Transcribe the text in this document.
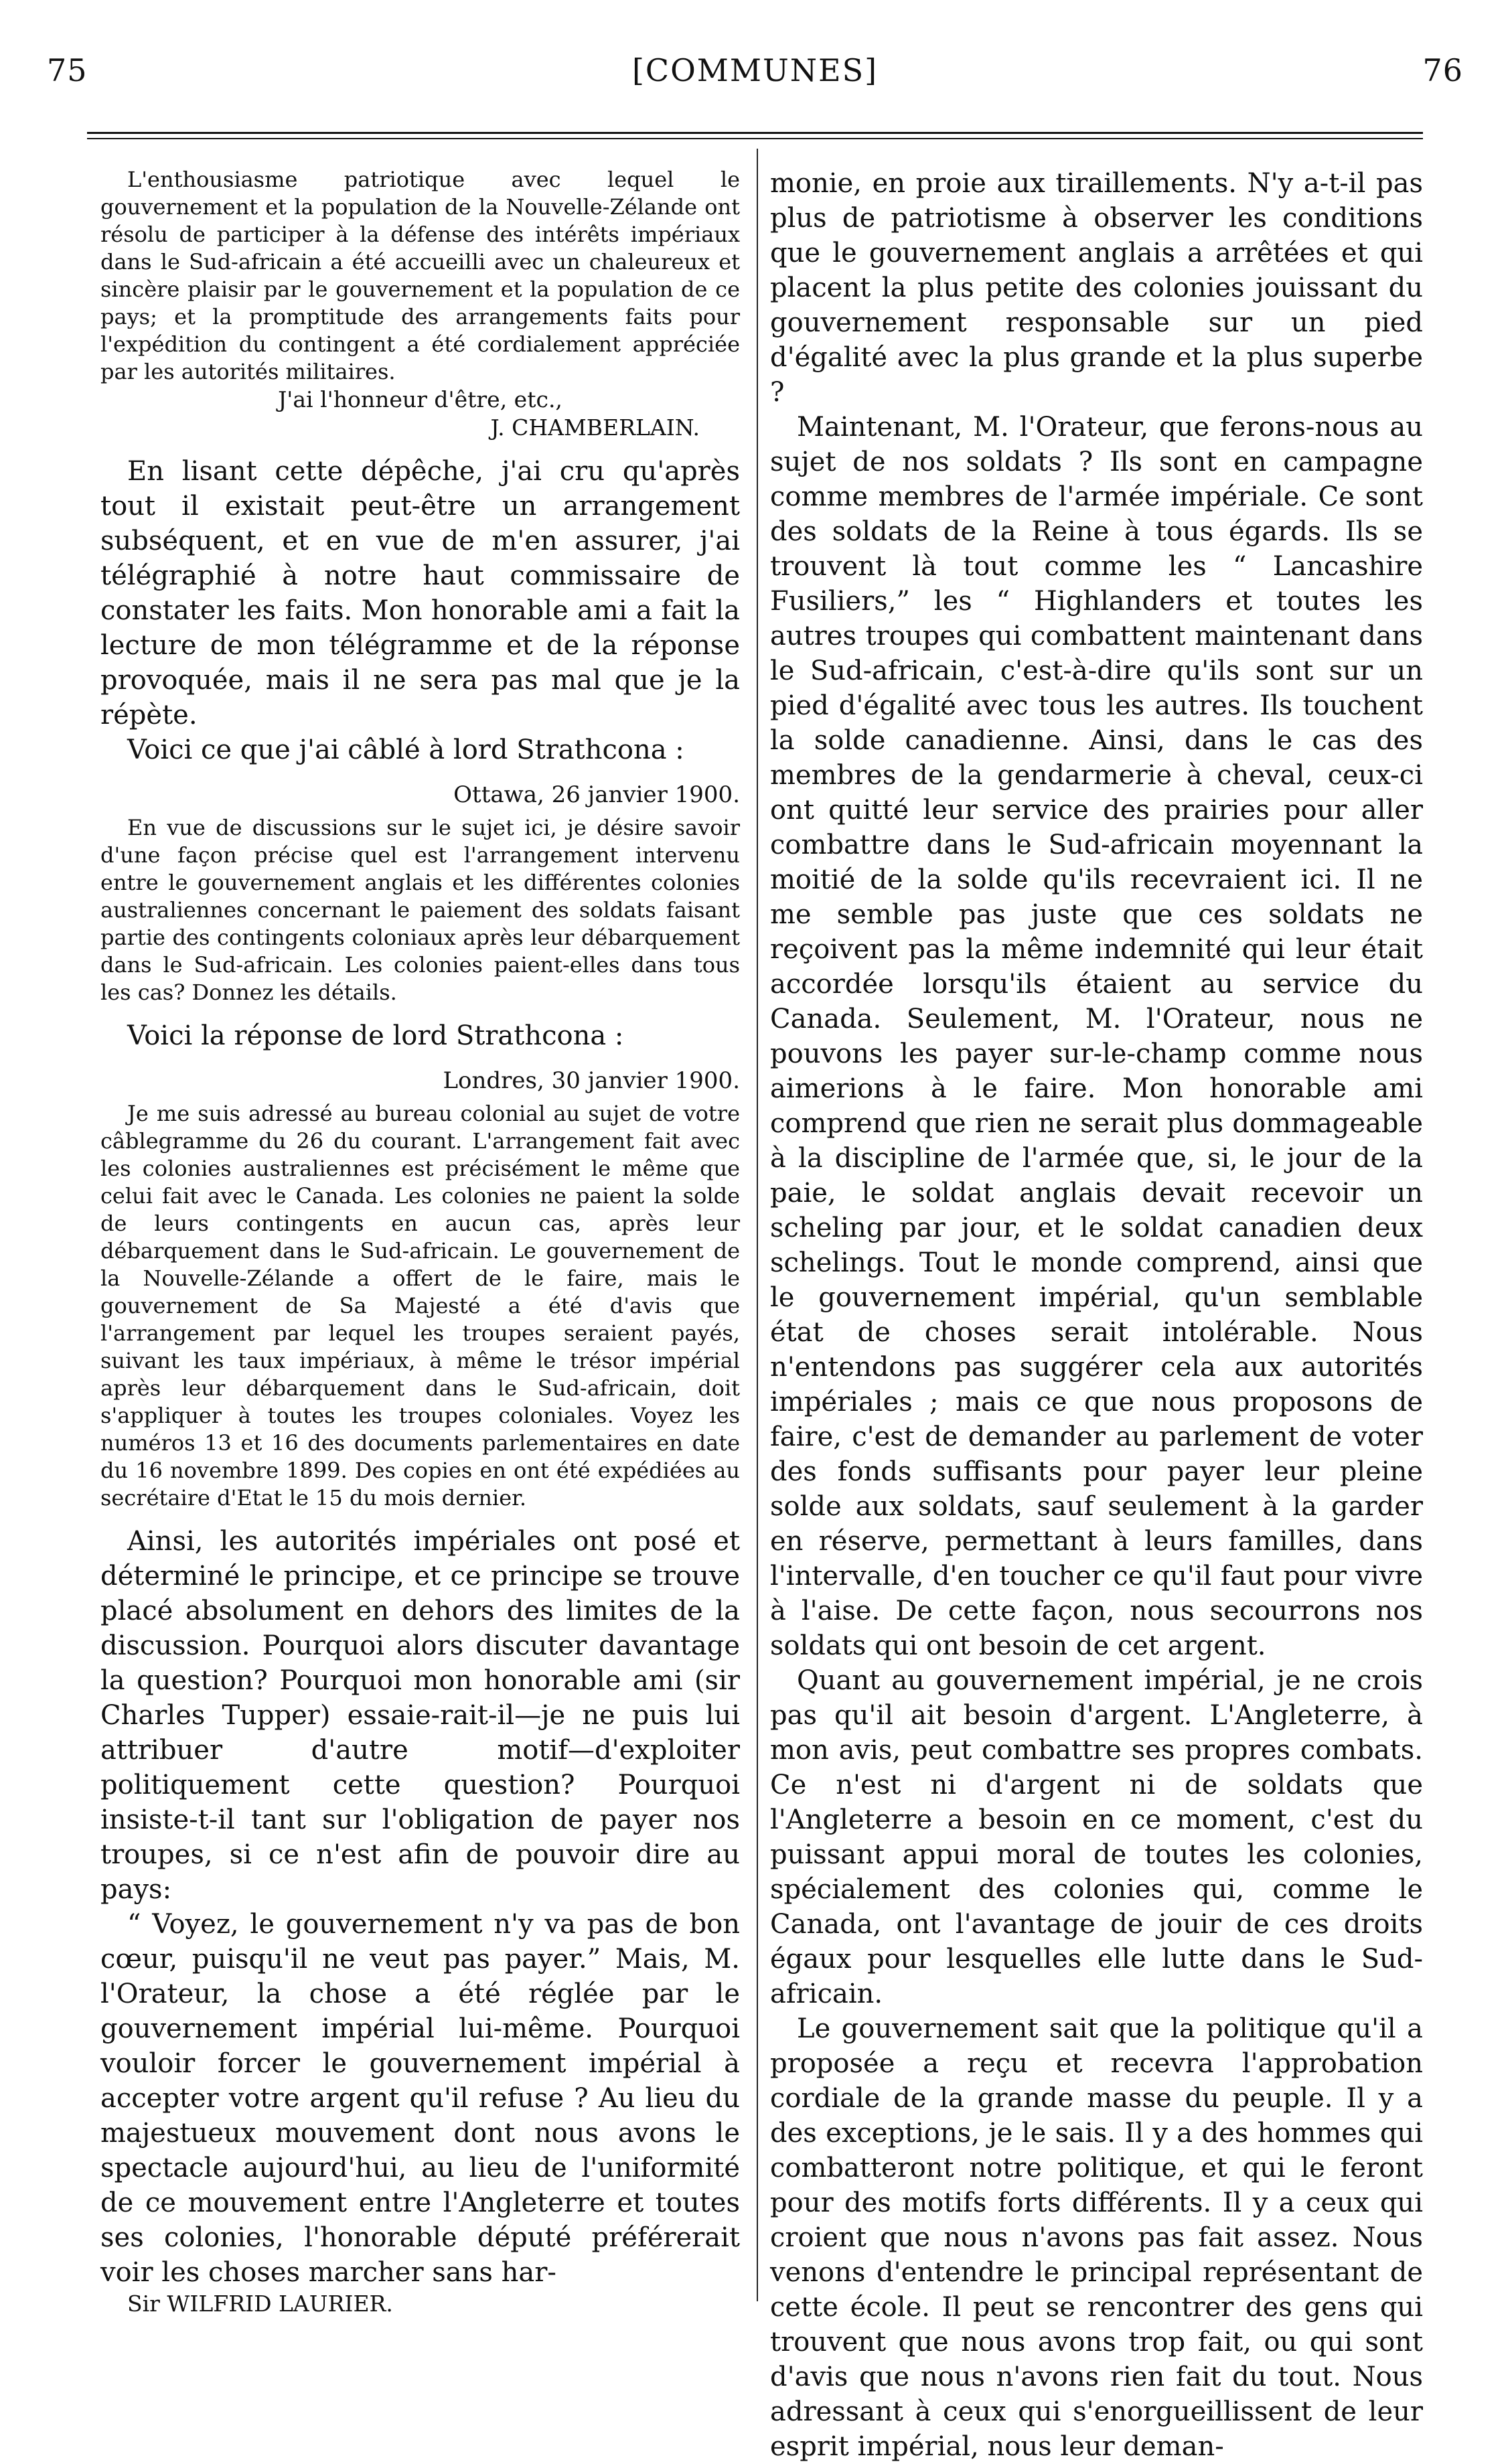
75	[COMMUNES]	76

L'enthousiasme patriotique avec lequel le gouvernement et la population de la Nouvelle-Zélande ont résolu de participer à la défense des intérêts impériaux dans le Sud-africain a été accueilli avec un chaleureux et sincère plaisir par le gouvernement et la population de ce pays; et la promptitude des arrangements faits pour l'expédition du contingent a été cordialement appréciée par les autorités militaires.

J'ai l'honneur d'être, etc.,
J. CHAMBERLAIN.

En lisant cette dépêche, j'ai cru qu'après tout il existait peut-être un arrangement subséquent, et en vue de m'en assurer, j'ai télégraphié à notre haut commissaire de constater les faits. Mon honorable ami a fait la lecture de mon télégramme et de la réponse provoquée, mais il ne sera pas mal que je la répète.

Voici ce que j'ai câblé à lord Strathcona :

Ottawa, 26 janvier 1900.

En vue de discussions sur le sujet ici, je désire savoir d'une façon précise quel est l'arrangement intervenu entre le gouvernement anglais et les différentes colonies australiennes concernant le paiement des soldats faisant partie des contingents coloniaux après leur débarquement dans le Sud-africain. Les colonies paient-elles dans tous les cas? Donnez les détails.

Voici la réponse de lord Strathcona :

Londres, 30 janvier 1900.

Je me suis adressé au bureau colonial au sujet de votre câblegramme du 26 du courant. L'arrangement fait avec les colonies australiennes est précisément le même que celui fait avec le Canada. Les colonies ne paient la solde de leurs contingents en aucun cas, après leur débarquement dans le Sud-africain. Le gouvernement de la Nouvelle-Zélande a offert de le faire, mais le gouvernement de Sa Majesté a été d'avis que l'arrangement par lequel les troupes seraient payés, suivant les taux impériaux, à même le trésor impérial après leur débarquement dans le Sud-africain, doit s'appliquer à toutes les troupes coloniales. Voyez les numéros 13 et 16 des documents parlementaires en date du 16 novembre 1899. Des copies en ont été expédiées au secrétaire d'Etat le 15 du mois dernier.

Ainsi, les autorités impériales ont posé et déterminé le principe, et ce principe se trouve placé absolument en dehors des limites de la discussion. Pourquoi alors discuter davantage la question? Pourquoi mon honorable ami (sir Charles Tupper) essaie-rait-il—je ne puis lui attribuer d'autre motif—d'exploiter politiquement cette question? Pourquoi insiste-t-il tant sur l'obligation de payer nos troupes, si ce n'est afin de pouvoir dire au pays:

“ Voyez, le gouvernement n'y va pas de bon cœur, puisqu'il ne veut pas payer.” Mais, M. l'Orateur, la chose a été réglée par le gouvernement impérial lui-même. Pourquoi vouloir forcer le gouvernement impérial à accepter votre argent qu'il refuse ? Au lieu du majestueux mouvement dont nous avons le spectacle aujourd'hui, au lieu de l'uniformité de ce mouvement entre l'Angleterre et toutes ses colonies, l'honorable député préférerait voir les choses marcher sans har-

Sir WILFRID LAURIER.

monie, en proie aux tiraillements. N'y a-t-il pas plus de patriotisme à observer les conditions que le gouvernement anglais a arrêtées et qui placent la plus petite des colonies jouissant du gouvernement responsable sur un pied d'égalité avec la plus grande et la plus superbe ?

Maintenant, M. l'Orateur, que ferons-nous au sujet de nos soldats ? Ils sont en campagne comme membres de l'armée impériale. Ce sont des soldats de la Reine à tous égards. Ils se trouvent là tout comme les “ Lancashire Fusiliers,” les “ Highlanders et toutes les autres troupes qui combattent maintenant dans le Sud-africain, c'est-à-dire qu'ils sont sur un pied d'égalité avec tous les autres. Ils touchent la solde canadienne. Ainsi, dans le cas des membres de la gendarmerie à cheval, ceux-ci ont quitté leur service des prairies pour aller combattre dans le Sud-africain moyennant la moitié de la solde qu'ils recevraient ici. Il ne me semble pas juste que ces soldats ne reçoivent pas la même indemnité qui leur était accordée lorsqu'ils étaient au service du Canada. Seulement, M. l'Orateur, nous ne pouvons les payer sur-le-champ comme nous aimerions à le faire. Mon honorable ami comprend que rien ne serait plus dommageable à la discipline de l'armée que, si, le jour de la paie, le soldat anglais devait recevoir un scheling par jour, et le soldat canadien deux schelings. Tout le monde comprend, ainsi que le gouvernement impérial, qu'un semblable état de choses serait intolérable. Nous n'entendons pas suggérer cela aux autorités impériales ; mais ce que nous proposons de faire, c'est de demander au parlement de voter des fonds suffisants pour payer leur pleine solde aux soldats, sauf seulement à la garder en réserve, permettant à leurs familles, dans l'intervalle, d'en toucher ce qu'il faut pour vivre à l'aise. De cette façon, nous secourrons nos soldats qui ont besoin de cet argent.

Quant au gouvernement impérial, je ne crois pas qu'il ait besoin d'argent. L'Angleterre, à mon avis, peut combattre ses propres combats. Ce n'est ni d'argent ni de soldats que l'Angleterre a besoin en ce moment, c'est du puissant appui moral de toutes les colonies, spécialement des colonies qui, comme le Canada, ont l'avantage de jouir de ces droits égaux pour lesquelles elle lutte dans le Sud-africain.

Le gouvernement sait que la politique qu'il a proposée a reçu et recevra l'approbation cordiale de la grande masse du peuple. Il y a des exceptions, je le sais. Il y a des hommes qui combatteront notre politique, et qui le feront pour des motifs forts différents. Il y a ceux qui croient que nous n'avons pas fait assez. Nous venons d'entendre le principal représentant de cette école. Il peut se rencontrer des gens qui trouvent que nous avons trop fait, ou qui sont d'avis que nous n'avons rien fait du tout. Nous adressant à ceux qui s'enorgueillissent de leur esprit impérial, nous leur deman-
